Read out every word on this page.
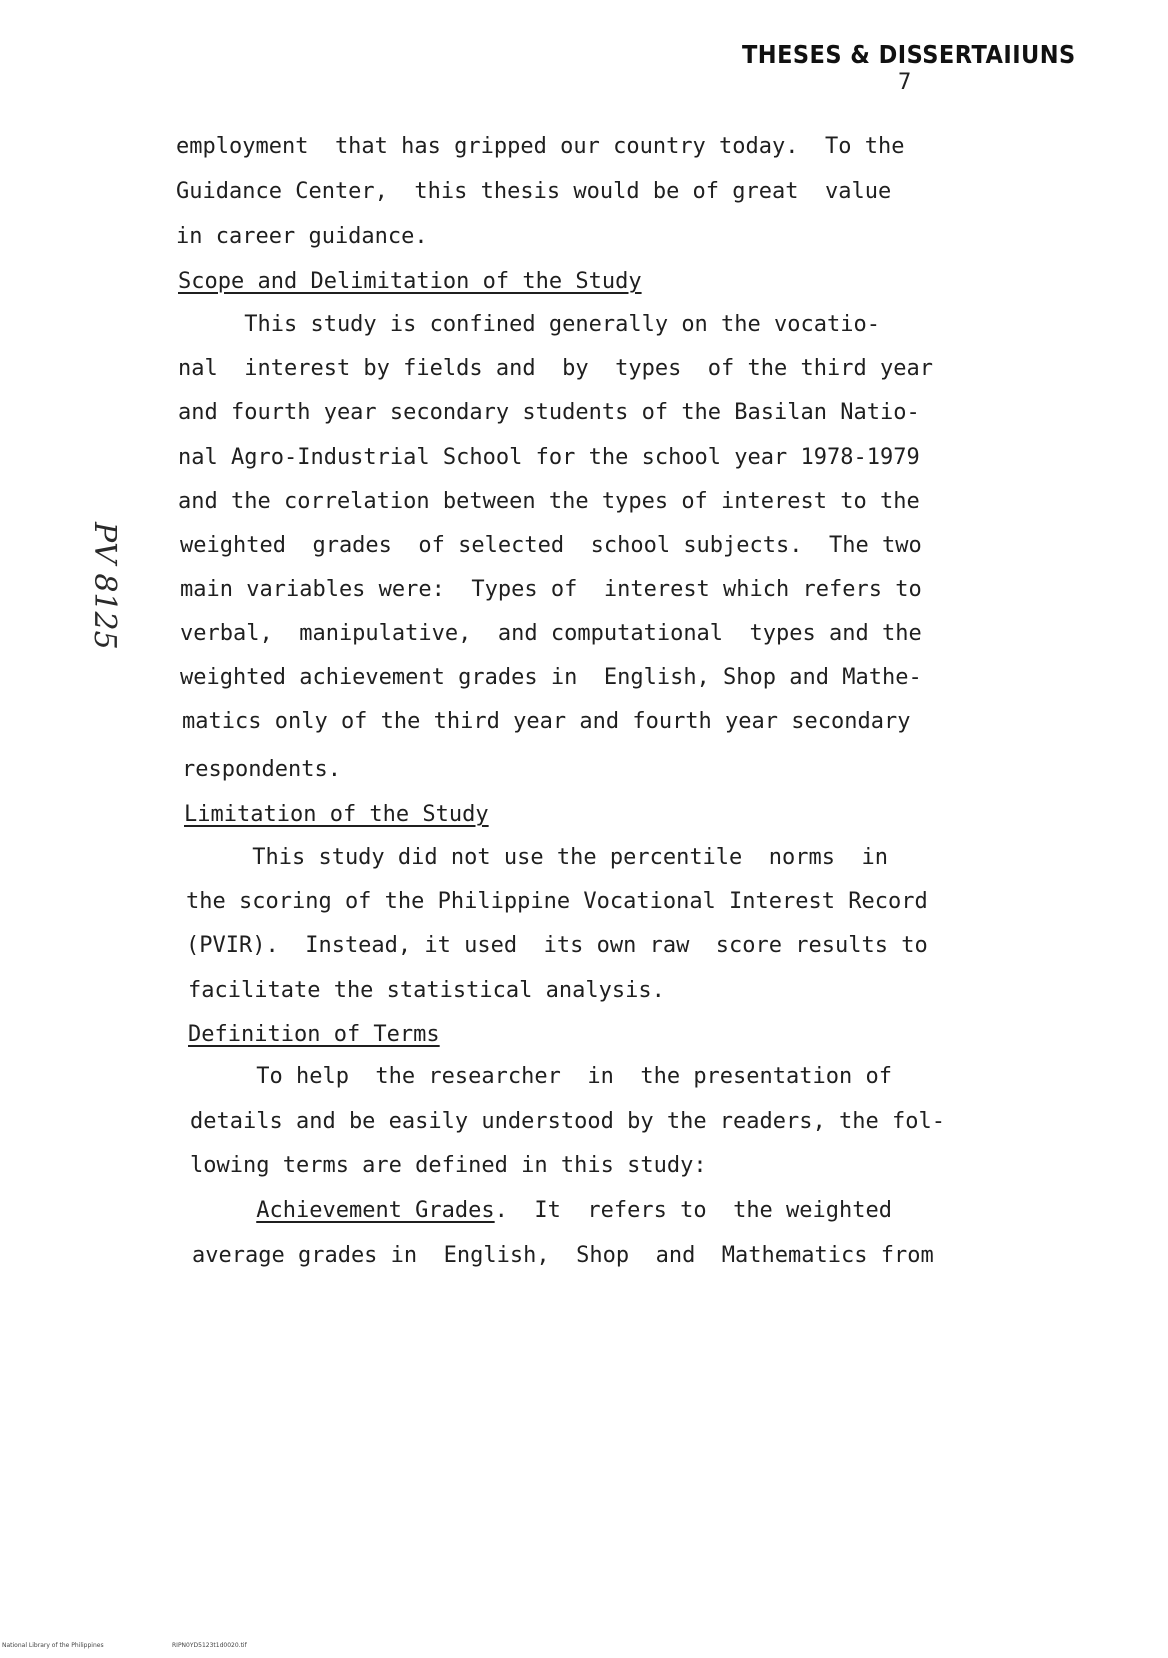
THESES & DISSERTAIIUNS
7
PV 8125
employment  that has gripped our country today.  To the
Guidance Center,  this thesis would be of great  value
in career guidance.
Scope and Delimitation of the Study
This study is confined generally on the vocatio-
nal  interest by fields and  by  types  of the third year
and fourth year secondary students of the Basilan Natio-
nal Agro-Industrial School for the school year 1978-1979
and the correlation between the types of interest to the
weighted  grades  of selected  school subjects.  The two
main variables were:  Types of  interest which refers to
verbal,  manipulative,  and computational  types and the
weighted achievement grades in  English, Shop and Mathe-
matics only of the third year and fourth year secondary
respondents.
Limitation of the Study
This study did not use the percentile  norms  in
the scoring of the Philippine Vocational Interest Record
(PVIR).  Instead, it used  its own raw  score results to
facilitate the statistical analysis.
Definition of Terms
To help  the researcher  in  the presentation of
details and be easily understood by the readers, the fol-
lowing terms are defined in this study:
Achievement Grades.  It  refers to  the weighted
average grades in  English,  Shop  and  Mathematics from
National Library of the Philippines	RIPN0YD5123t1d0020.tif
